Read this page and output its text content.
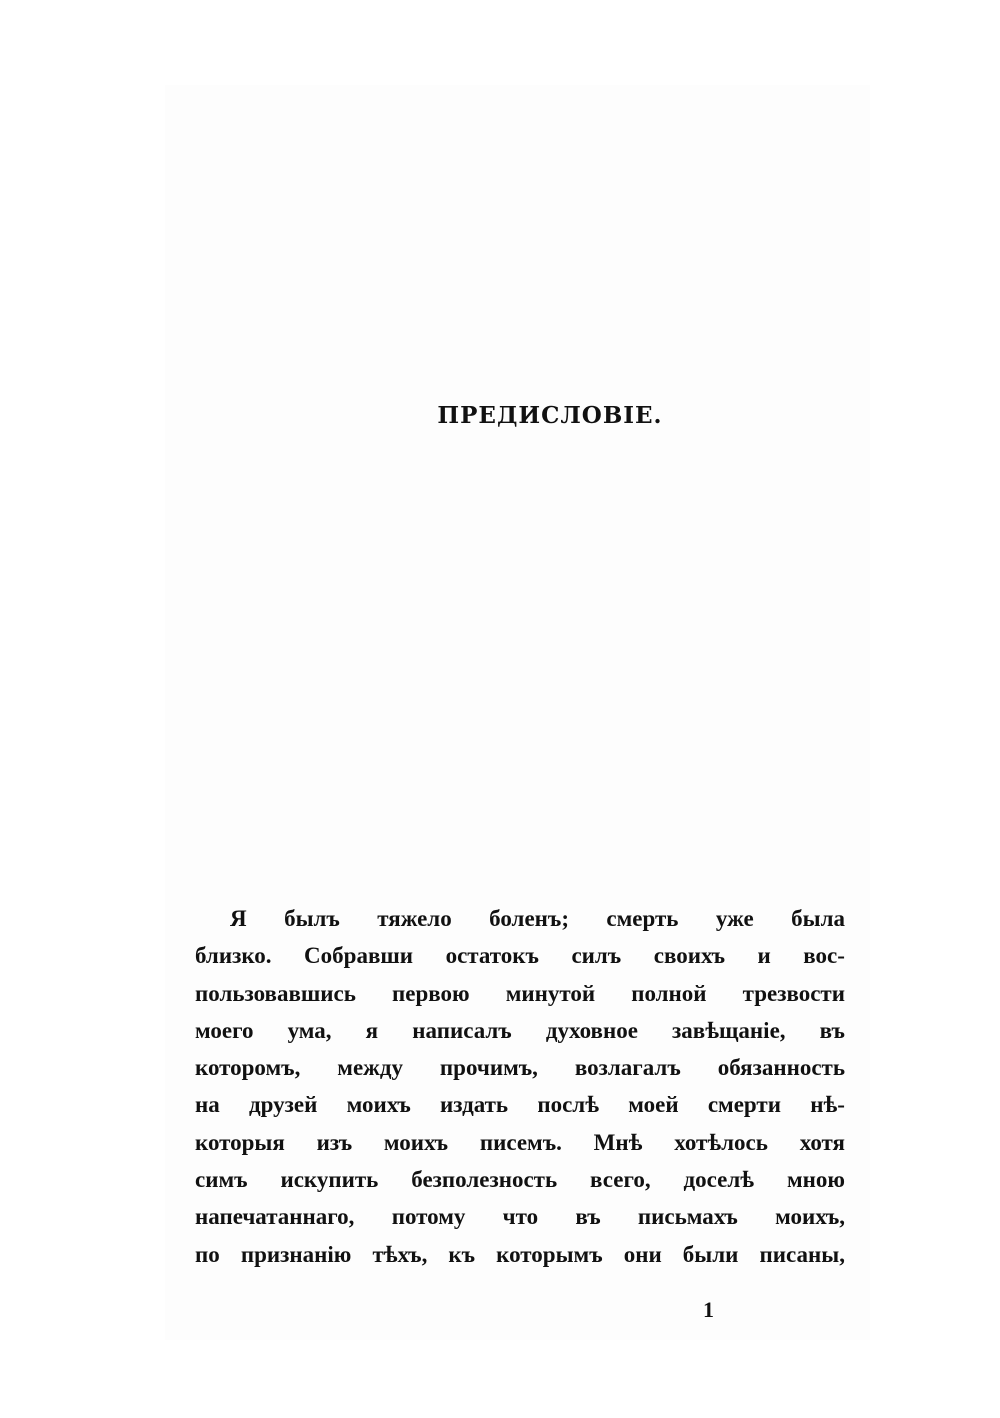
ПРЕДИСЛОВІЕ.
Я былъ тяжело боленъ; смерть уже была
близко. Собравши остатокъ силъ своихъ и вос-
пользовавшись первою минутой полной трезвости
моего ума, я написалъ духовное завѣщаніе, въ
которомъ, между прочимъ, возлагалъ обязанность
на друзей моихъ издать послѣ моей смерти нѣ-
которыя изъ моихъ писемъ. Мнѣ хотѣлось хотя
симъ искупить безполезность всего, доселѣ мною
напечатаннаго, потому что въ письмахъ моихъ,
по признанію тѣхъ, къ которымъ они были писаны,
1
